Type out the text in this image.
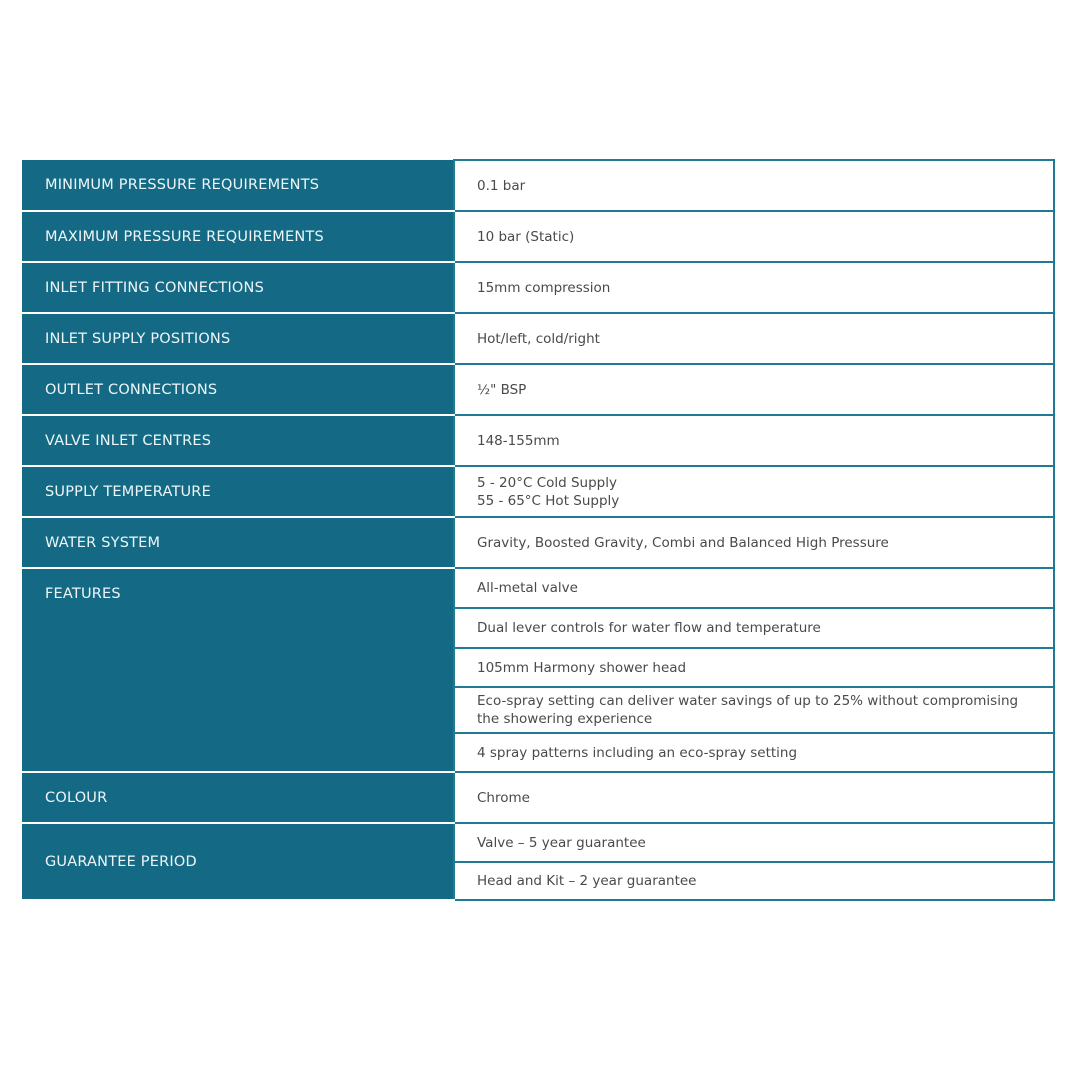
MINIMUM PRESSURE REQUIREMENTS	0.1 bar
MAXIMUM PRESSURE REQUIREMENTS	10 bar (Static)
INLET FITTING CONNECTIONS	15mm compression
INLET SUPPLY POSITIONS	Hot/left, cold/right
OUTLET CONNECTIONS	½" BSP
VALVE INLET CENTRES	148-155mm
SUPPLY TEMPERATURE	5 - 20°C Cold Supply
55 - 65°C Hot Supply

WATER SYSTEM	Gravity, Boosted Gravity, Combi and Balanced High Pressure
FEATURES	All-metal valve
	Dual lever controls for water flow and temperature
	105mm Harmony shower head
	Eco-spray setting can deliver water savings of up to 25% without compromising the showering experience
	4 spray patterns including an eco-spray setting
COLOUR	Chrome
GUARANTEE PERIOD	Valve – 5 year guarantee
	Head and Kit – 2 year guarantee
